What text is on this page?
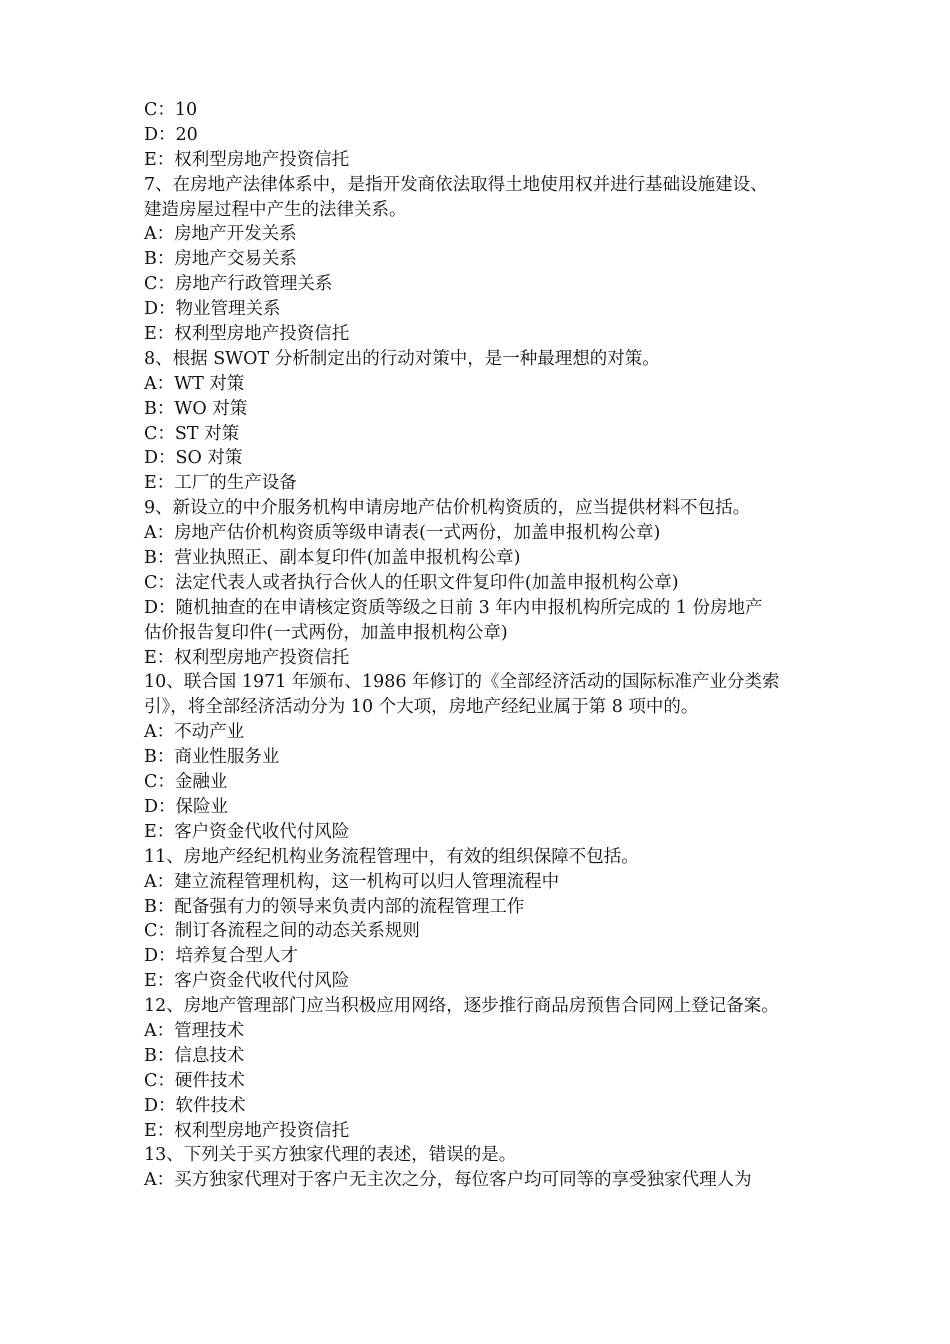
C：10
D：20
E：权利型房地产投资信托
7、在房地产法律体系中，是指开发商依法取得土地使用权并进行基础设施建设、
建造房屋过程中产生的法律关系。
A：房地产开发关系
B：房地产交易关系
C：房地产行政管理关系
D：物业管理关系
E：权利型房地产投资信托
8、根据 SWOT 分析制定出的行动对策中，是一种最理想的对策。
A：WT 对策
B：WO 对策
C：ST 对策
D：SO 对策
E：工厂的生产设备
9、新设立的中介服务机构申请房地产估价机构资质的，应当提供材料不包括。
A：房地产估价机构资质等级申请表(一式两份，加盖申报机构公章)
B：营业执照正、副本复印件(加盖申报机构公章)
C：法定代表人或者执行合伙人的任职文件复印件(加盖申报机构公章)
D：随机抽查的在申请核定资质等级之日前 3 年内申报机构所完成的 1 份房地产
估价报告复印件(一式两份，加盖申报机构公章)
E：权利型房地产投资信托
10、联合国 1971 年颁布、1986 年修订的《全部经济活动的国际标准产业分类索
引》，将全部经济活动分为 10 个大项，房地产经纪业属于第 8 项中的。
A：不动产业
B：商业性服务业
C：金融业
D：保险业
E：客户资金代收代付风险
11、房地产经纪机构业务流程管理中，有效的组织保障不包括。
A：建立流程管理机构，这一机构可以归人管理流程中
B：配备强有力的领导来负责内部的流程管理工作
C：制订各流程之间的动态关系规则
D：培养复合型人才
E：客户资金代收代付风险
12、房地产管理部门应当积极应用网络，逐步推行商品房预售合同网上登记备案。
A：管理技术
B：信息技术
C：硬件技术
D：软件技术
E：权利型房地产投资信托
13、下列关于买方独家代理的表述，错误的是。
A：买方独家代理对于客户无主次之分，每位客户均可同等的享受独家代理人为
